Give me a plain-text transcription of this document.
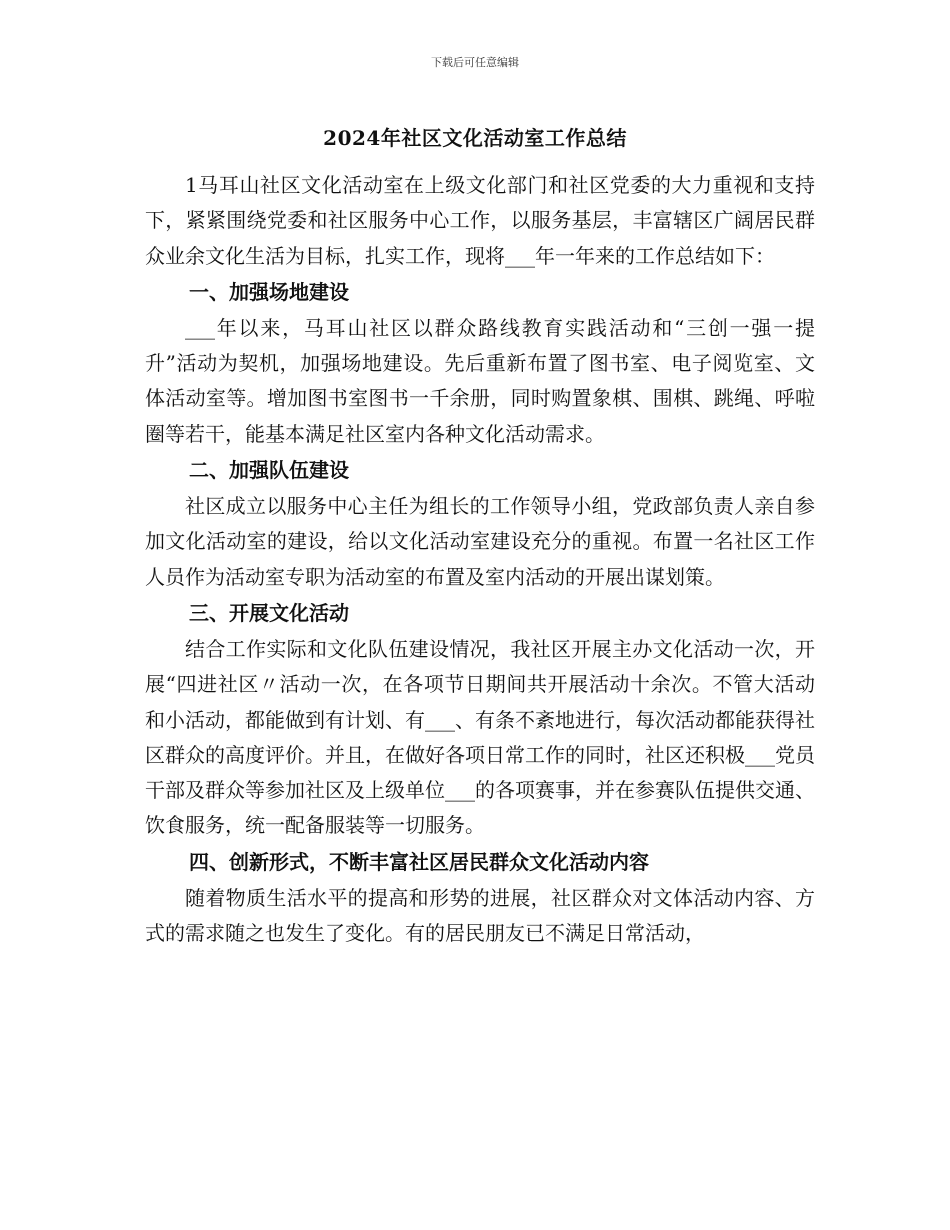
下载后可任意编辑
2024年社区文化活动室工作总结

1马耳山社区文化活动室在上级文化部门和社区党委的大力重视和支持下，紧紧围绕党委和社区服务中心工作，以服务基层，丰富辖区广阔居民群众业余文化生活为目标，扎实工作，现将___年一年来的工作总结如下：

一、加强场地建设

___年以来，马耳山社区以群众路线教育实践活动和“三创一强一提升”活动为契机，加强场地建设。先后重新布置了图书室、电子阅览室、文体活动室等。增加图书室图书一千余册，同时购置象棋、围棋、跳绳、呼啦圈等若干，能基本满足社区室内各种文化活动需求。

二、加强队伍建设

社区成立以服务中心主任为组长的工作领导小组，党政部负责人亲自参加文化活动室的建设，给以文化活动室建设充分的重视。布置一名社区工作人员作为活动室专职为活动室的布置及室内活动的开展出谋划策。

三、开展文化活动

结合工作实际和文化队伍建设情况，我社区开展主办文化活动一次，开展“四进社区〃活动一次，在各项节日期间共开展活动十余次。不管大活动和小活动，都能做到有计划、有___、有条不紊地进行，每次活动都能获得社区群众的高度评价。并且，在做好各项日常工作的同时，社区还积极___党员干部及群众等参加社区及上级单位___的各项赛事，并在参赛队伍提供交通、饮食服务，统一配备服装等一切服务。

四、创新形式，不断丰富社区居民群众文化活动内容

随着物质生活水平的提高和形势的进展，社区群众对文体活动内容、方式的需求随之也发生了变化。有的居民朋友已不满足日常活动，
